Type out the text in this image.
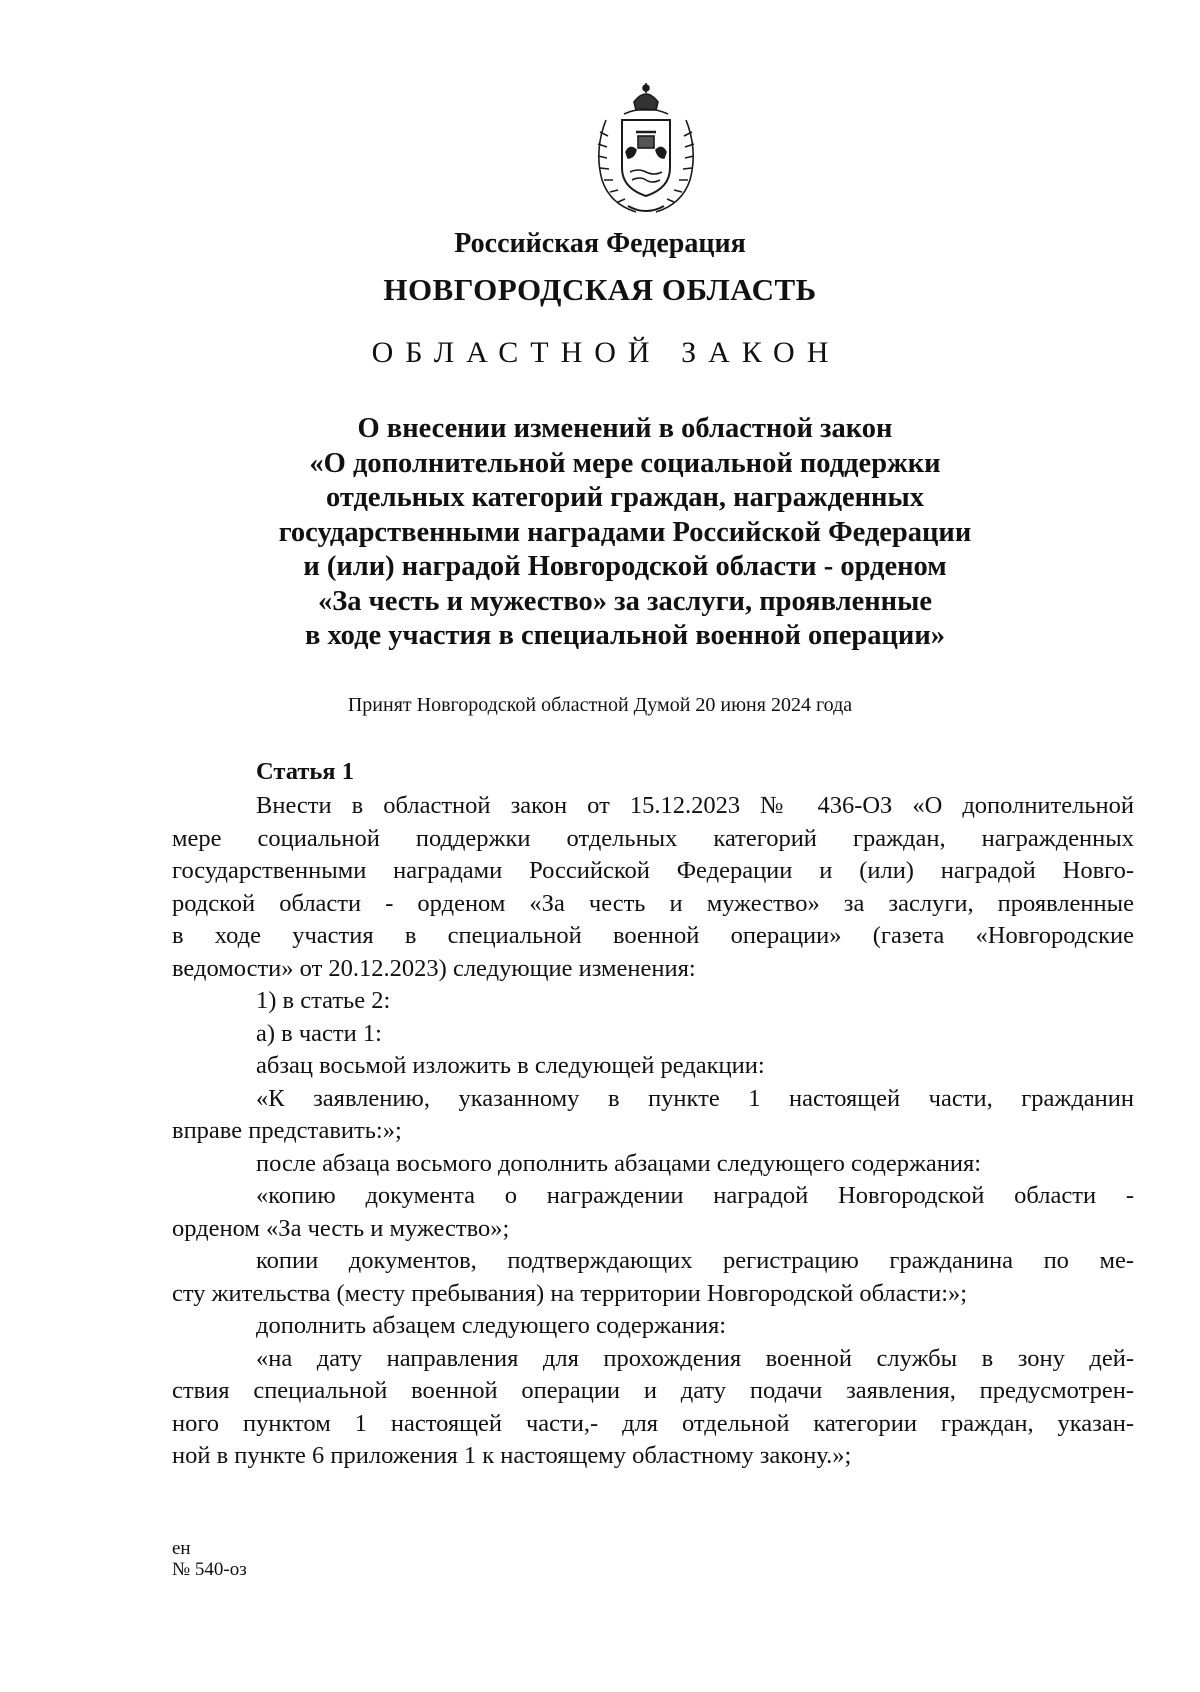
Российская Федерация
НОВГОРОДСКАЯ ОБЛАСТЬ
ОБЛАСТНОЙ ЗАКОН
О внесении изменений в областной закон
«О дополнительной мере социальной поддержки
отдельных категорий граждан, награжденных
государственными наградами Российской Федерации
и (или) наградой Новгородской области - орденом
«За честь и мужество» за заслуги, проявленные
в ходе участия в специальной военной операции»
Принят Новгородской областной Думой 20 июня 2024 года
Статья 1
Внести в областной закон от 15.12.2023 № 436-ОЗ «О дополнительной
мере социальной поддержки отдельных категорий граждан, награжденных
государственными наградами Российской Федерации и (или) наградой Новго-
родской области - орденом «За честь и мужество» за заслуги, проявленные
в ходе участия в специальной военной операции» (газета «Новгородские
ведомости» от 20.12.2023) следующие изменения:
1) в статье 2:
а) в части 1:
абзац восьмой изложить в следующей редакции:
«К заявлению, указанному в пункте 1 настоящей части, гражданин
вправе представить:»;
после абзаца восьмого дополнить абзацами следующего содержания:
«копию документа о награждении наградой Новгородской области -
орденом «За честь и мужество»;
копии документов, подтверждающих регистрацию гражданина по ме-
сту жительства (месту пребывания) на территории Новгородской области:»;
дополнить абзацем следующего содержания:
«на дату направления для прохождения военной службы в зону дей-
ствия специальной военной операции и дату подачи заявления, предусмотрен-
ного пунктом 1 настоящей части,- для отдельной категории граждан, указан-
ной в пункте 6 приложения 1 к настоящему областному закону.»;
ен
№ 540-оз
